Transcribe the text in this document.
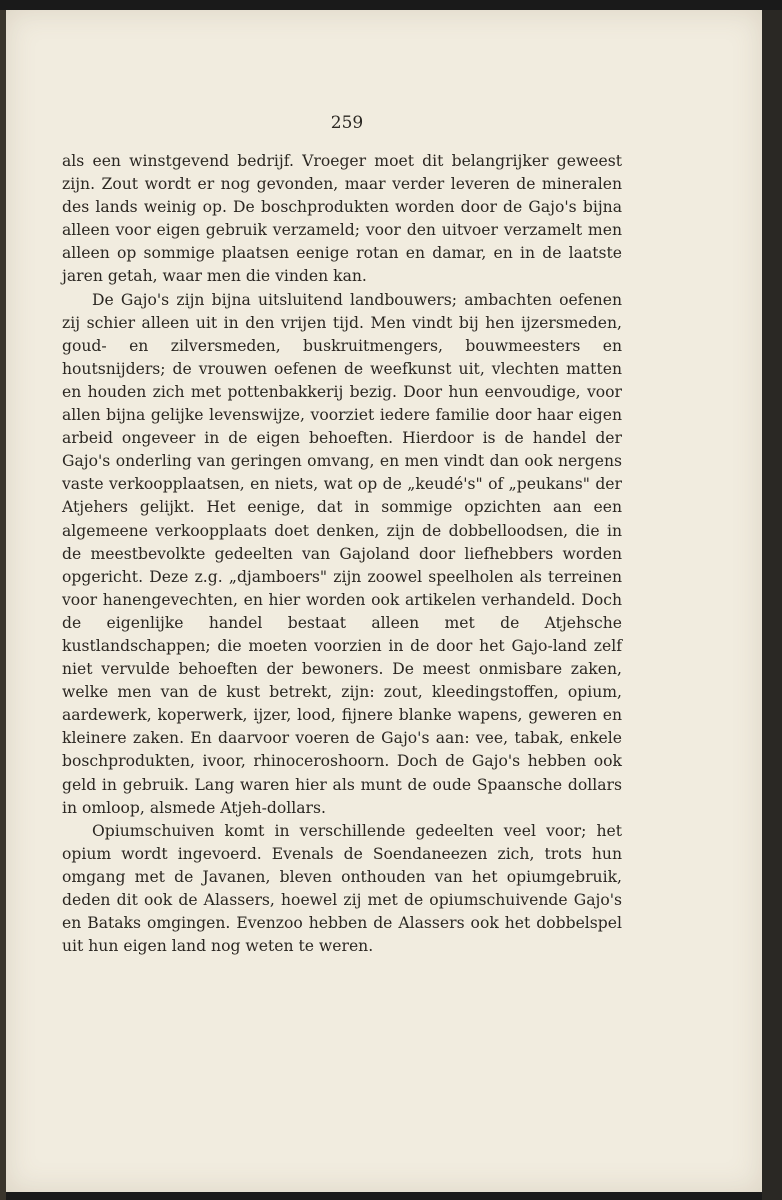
259

als een winstgevend bedrijf. Vroeger moet dit belangrijker geweest zijn. Zout wordt er nog gevonden, maar verder leveren de mineralen des lands weinig op. De boschprodukten worden door de Gajo's bijna alleen voor eigen gebruik verzameld; voor den uitvoer verzamelt men alleen op sommige plaatsen eenige rotan en damar, en in de laatste jaren getah, waar men die vinden kan.

De Gajo's zijn bijna uitsluitend landbouwers; ambachten oefenen zij schier alleen uit in den vrijen tijd. Men vindt bij hen ijzersmeden, goud- en zilversmeden, buskruitmengers, bouwmeesters en houtsnijders; de vrouwen oefenen de weefkunst uit, vlechten matten en houden zich met pottenbakkerij bezig. Door hun eenvoudige, voor allen bijna gelijke levenswijze, voorziet iedere familie door haar eigen arbeid ongeveer in de eigen behoeften. Hierdoor is de handel der Gajo's onderling van geringen omvang, en men vindt dan ook nergens vaste verkoopplaatsen, en niets, wat op de „keudé's" of „peukans" der Atjehers gelijkt. Het eenige, dat in sommige opzichten aan een algemeene verkoopplaats doet denken, zijn de dobbelloodsen, die in de meestbevolkte gedeelten van Gajoland door liefhebbers worden opgericht. Deze z.g. „djamboers" zijn zoowel speelholen als terreinen voor hanengevechten, en hier worden ook artikelen verhandeld. Doch de eigenlijke handel bestaat alleen met de Atjehsche kustlandschappen; die moeten voorzien in de door het Gajo-land zelf niet vervulde behoeften der bewoners. De meest onmisbare zaken, welke men van de kust betrekt, zijn: zout, kleedingstoffen, opium, aardewerk, koperwerk, ijzer, lood, fijnere blanke wapens, geweren en kleinere zaken. En daarvoor voeren de Gajo's aan: vee, tabak, enkele boschprodukten, ivoor, rhinoceroshoorn. Doch de Gajo's hebben ook geld in gebruik. Lang waren hier als munt de oude Spaansche dollars in omloop, alsmede Atjeh-dollars.

Opiumschuiven komt in verschillende gedeelten veel voor; het opium wordt ingevoerd. Evenals de Soendaneezen zich, trots hun omgang met de Javanen, bleven onthouden van het opiumgebruik, deden dit ook de Alassers, hoewel zij met de opiumschuivende Gajo's en Bataks omgingen. Evenzoo hebben de Alassers ook het dobbelspel uit hun eigen land nog weten te weren.
